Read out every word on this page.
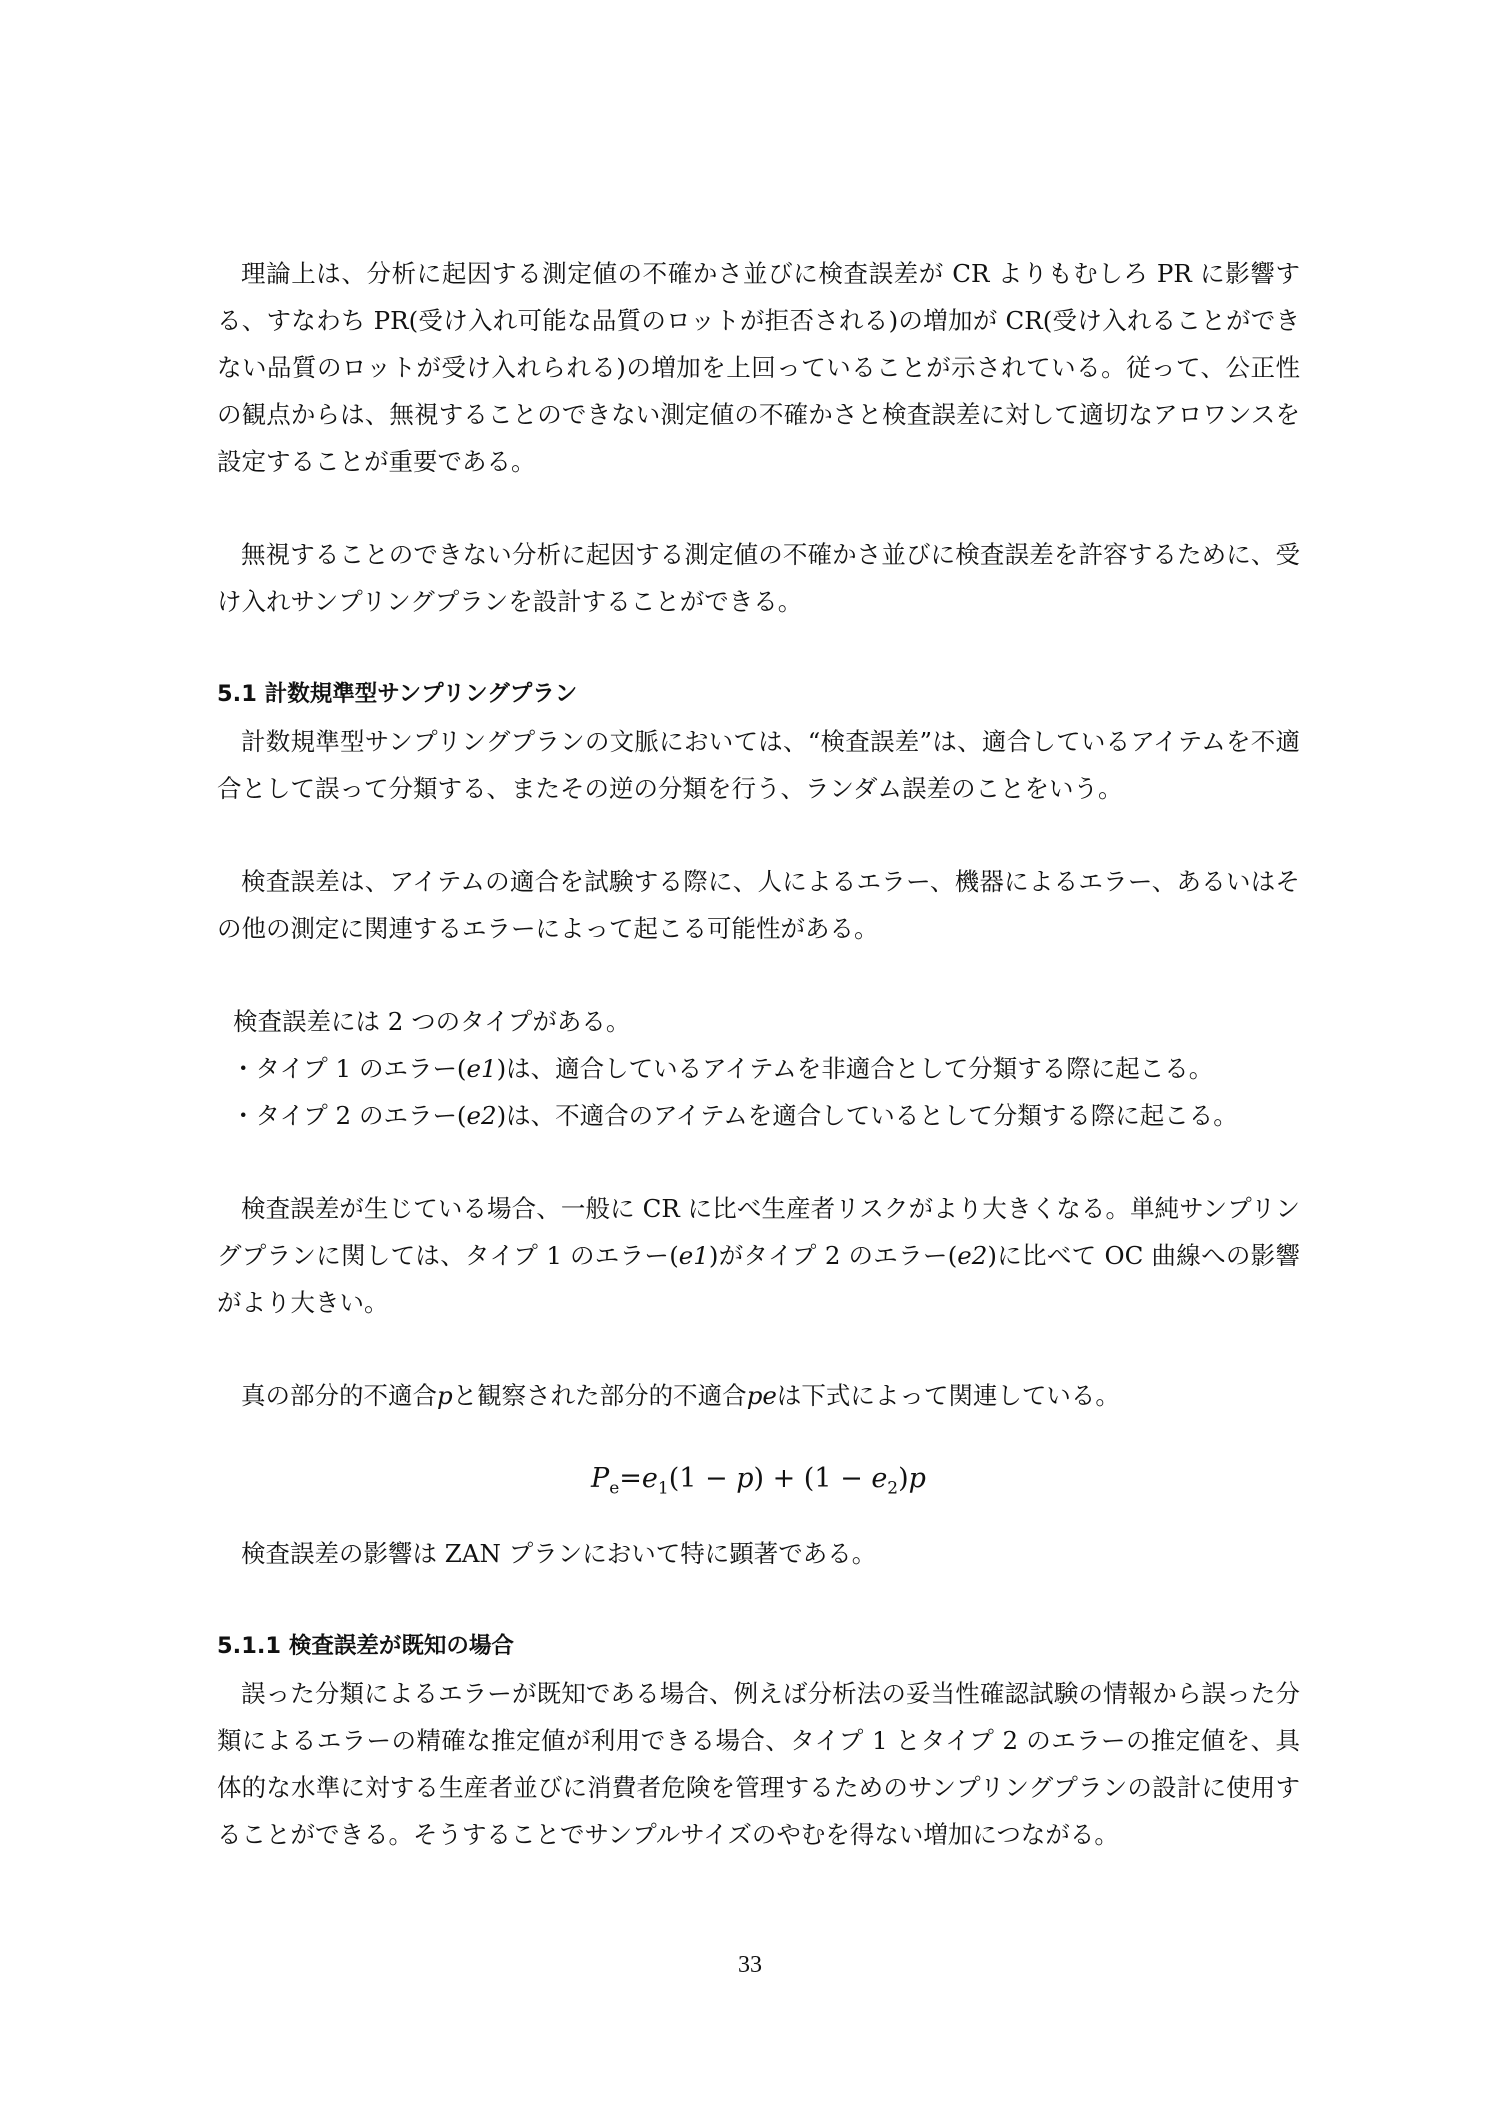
理論上は、分析に起因する測定値の不確かさ並びに検査誤差が CR よりもむしろ PR に影響する、すなわち PR(受け入れ可能な品質のロットが拒否される)の増加が CR(受け入れることができない品質のロットが受け入れられる)の増加を上回っていることが示されている。従って、公正性の観点からは、無視することのできない測定値の不確かさと検査誤差に対して適切なアロワンスを設定することが重要である。

無視することのできない分析に起因する測定値の不確かさ並びに検査誤差を許容するために、受け入れサンプリングプランを設計することができる。

5.1 計数規準型サンプリングプラン

計数規準型サンプリングプランの文脈においては、“検査誤差”は、適合しているアイテムを不適合として誤って分類する、またその逆の分類を行う、ランダム誤差のことをいう。

検査誤差は、アイテムの適合を試験する際に、人によるエラー、機器によるエラー、あるいはその他の測定に関連するエラーによって起こる可能性がある。

検査誤差には 2 つのタイプがある。

・タイプ 1 のエラー(e1)は、適合しているアイテムを非適合として分類する際に起こる。

・タイプ 2 のエラー(e2)は、不適合のアイテムを適合しているとして分類する際に起こる。

検査誤差が生じている場合、一般に CR に比べ生産者リスクがより大きくなる。単純サンプリングプランに関しては、タイプ 1 のエラー(e1)がタイプ 2 のエラー(e2)に比べて OC 曲線への影響がより大きい。

真の部分的不適合pと観察された部分的不適合peは下式によって関連している。

$P_e=e_1(1 - p) + (1 - e_2)p$

検査誤差の影響は ZAN プランにおいて特に顕著である。

5.1.1 検査誤差が既知の場合

誤った分類によるエラーが既知である場合、例えば分析法の妥当性確認試験の情報から誤った分類によるエラーの精確な推定値が利用できる場合、タイプ 1 とタイプ 2 のエラーの推定値を、具体的な水準に対する生産者並びに消費者危険を管理するためのサンプリングプランの設計に使用することができる。そうすることでサンプルサイズのやむを得ない増加につながる。

33
